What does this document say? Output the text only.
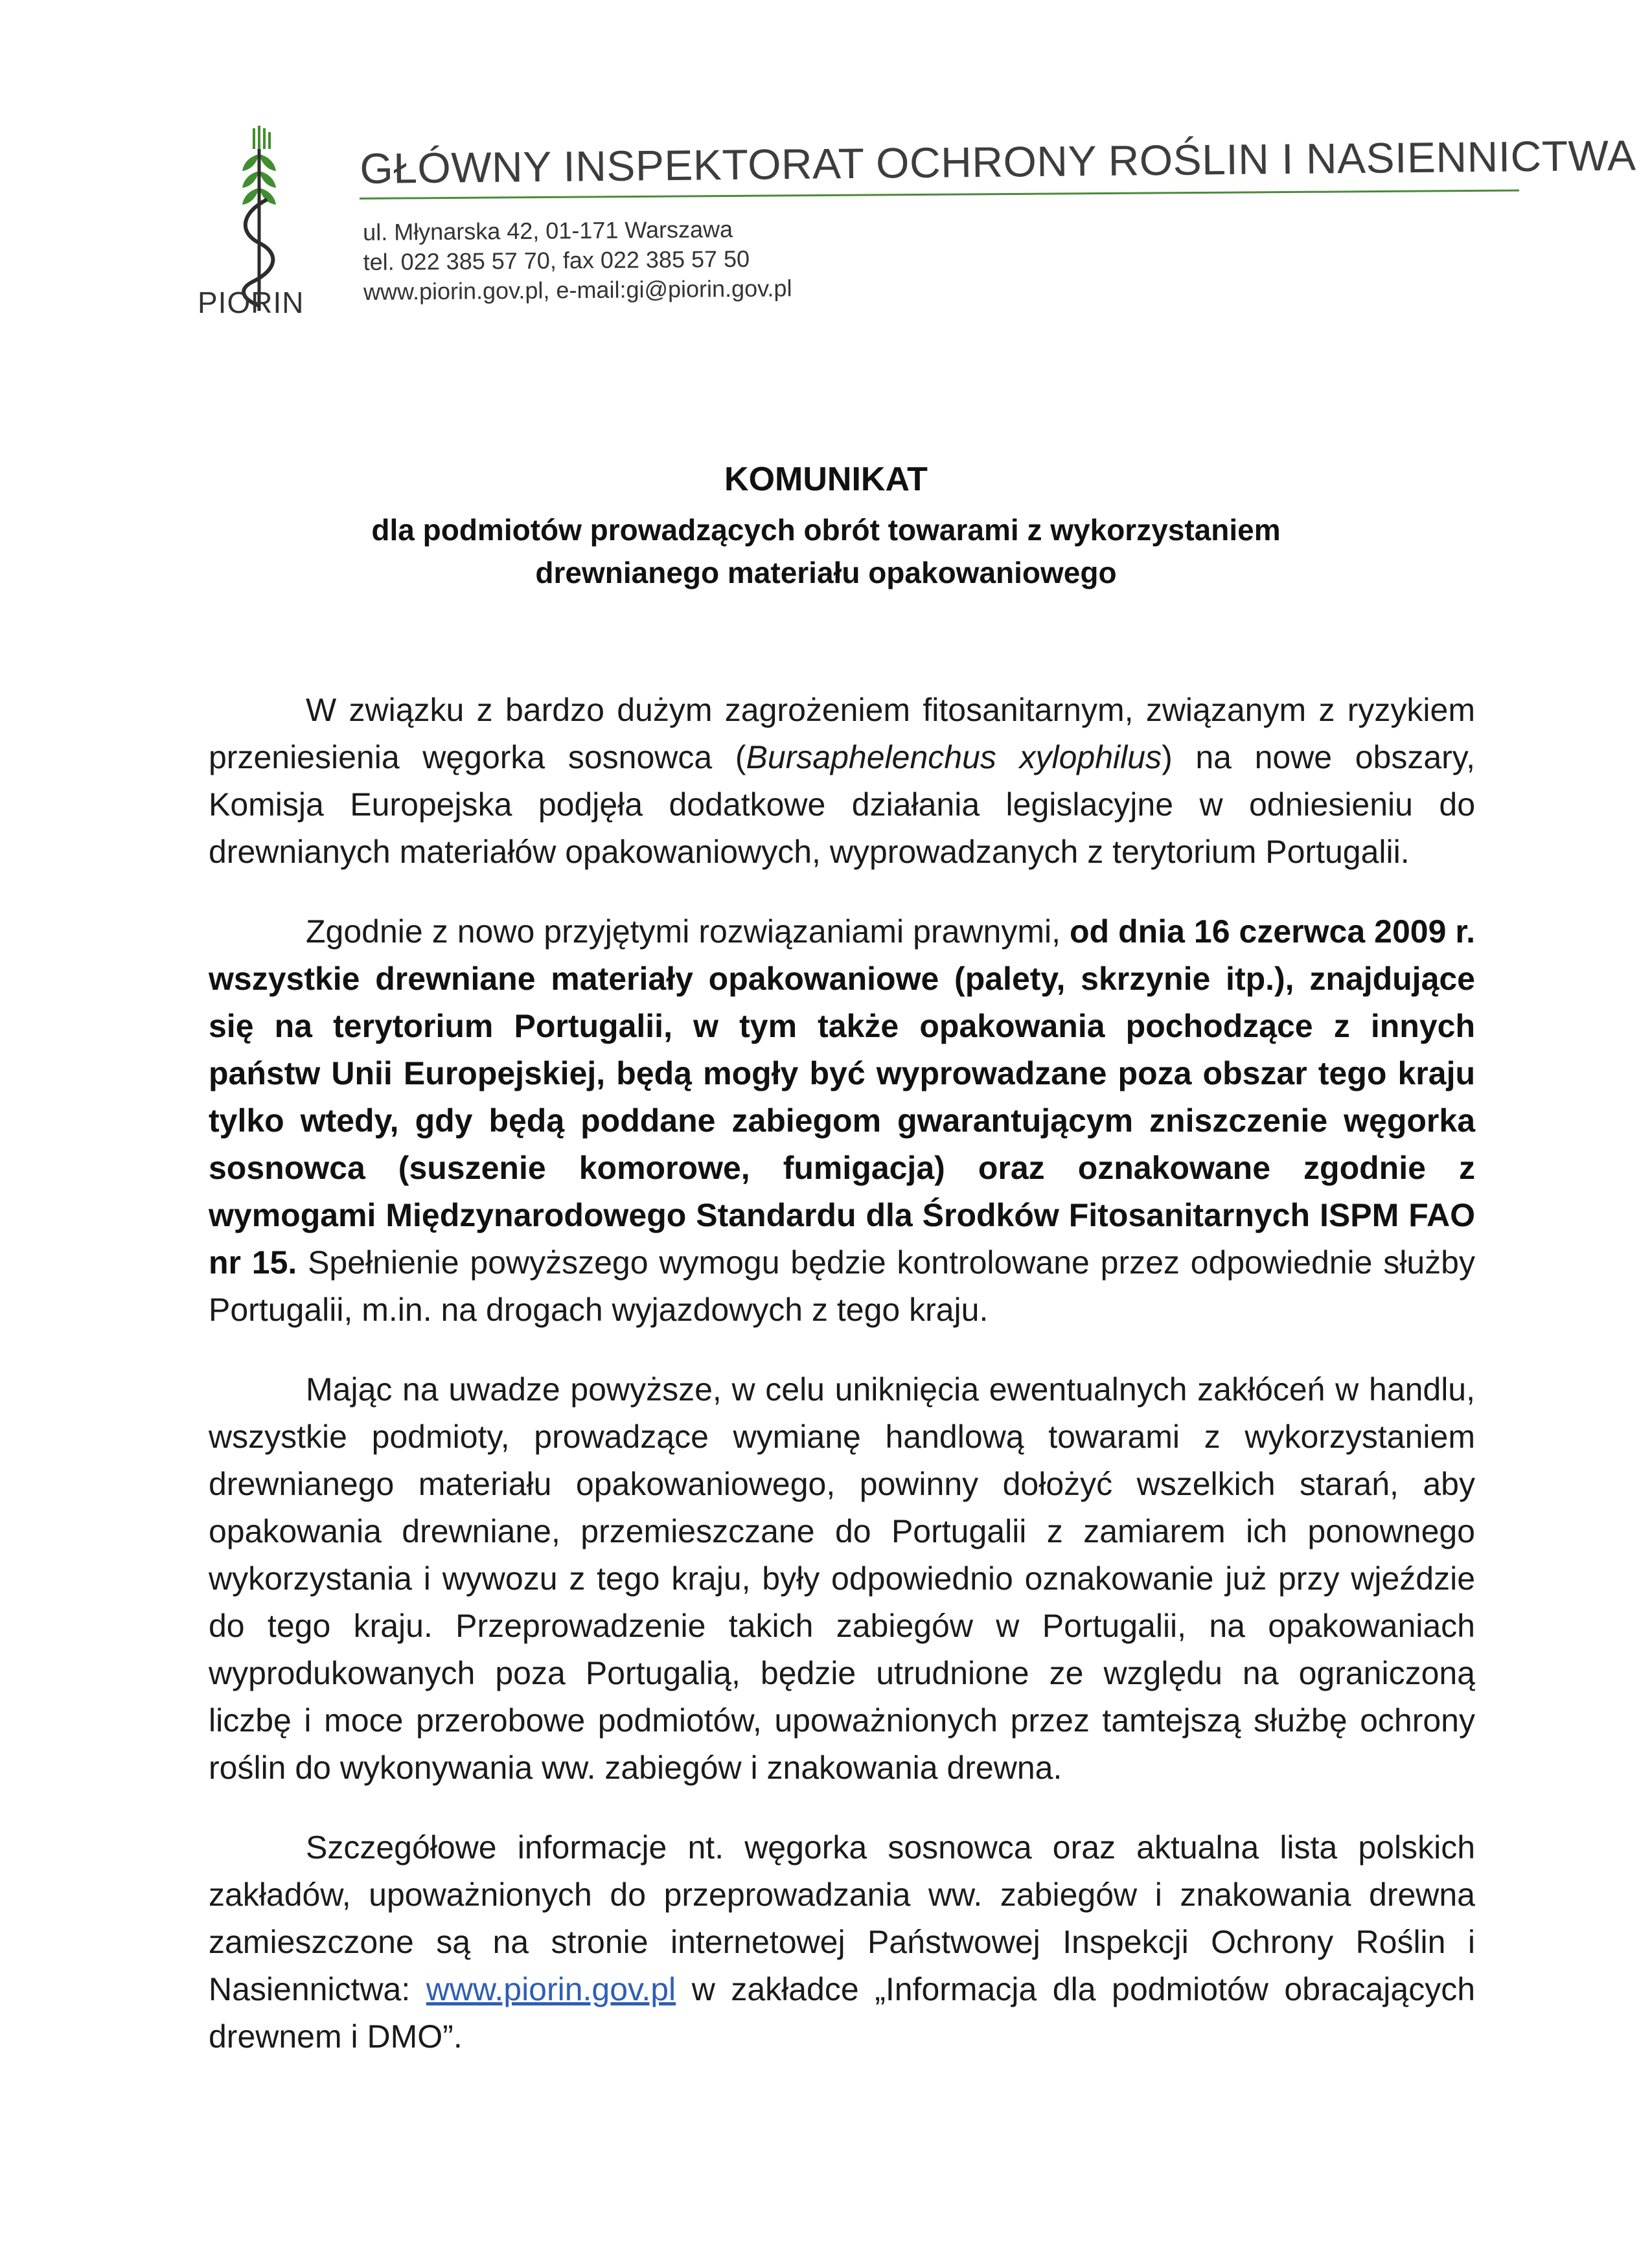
PIORIN
GŁÓWNY INSPEKTORAT OCHRONY ROŚLIN I NASIENNICTWA
ul. Młynarska 42, 01-171 Warszawa
tel. 022 385 57 70, fax 022 385 57 50
www.piorin.gov.pl, e-mail:gi@piorin.gov.pl
KOMUNIKAT
dla podmiotów prowadzących obrót towarami z wykorzystaniem
drewnianego materiału opakowaniowego

W związku z bardzo dużym zagrożeniem fitosanitarnym, związanym z ryzykiem przeniesienia węgorka sosnowca (Bursaphelenchus xylophilus) na nowe obszary, Komisja Europejska podjęła dodatkowe działania legislacyjne w odniesieniu do drewnianych materiałów opakowaniowych, wyprowadzanych z terytorium Portugalii.

Zgodnie z nowo przyjętymi rozwiązaniami prawnymi, od dnia 16 czerwca 2009 r. wszystkie drewniane materiały opakowaniowe (palety, skrzynie itp.), znajdujące się na terytorium Portugalii, w tym także opakowania pochodzące z innych państw Unii Europejskiej, będą mogły być wyprowadzane poza obszar tego kraju tylko wtedy, gdy będą poddane zabiegom gwarantującym zniszczenie węgorka sosnowca (suszenie komorowe, fumigacja) oraz oznakowane zgodnie z wymogami Międzynarodowego Standardu dla Środków Fitosanitarnych ISPM FAO nr 15. Spełnienie powyższego wymogu będzie kontrolowane przez odpowiednie służby Portugalii, m.in. na drogach wyjazdowych z tego kraju.

Mając na uwadze powyższe, w celu uniknięcia ewentualnych zakłóceń w handlu, wszystkie podmioty, prowadzące wymianę handlową towarami z wykorzystaniem drewnianego materiału opakowaniowego, powinny dołożyć wszelkich starań, aby opakowania drewniane, przemieszczane do Portugalii z zamiarem ich ponownego wykorzystania i wywozu z tego kraju, były odpowiednio oznakowanie już przy wjeździe do tego kraju. Przeprowadzenie takich zabiegów w Portugalii, na opakowaniach wyprodukowanych poza Portugalią, będzie utrudnione ze względu na ograniczoną liczbę i moce przerobowe podmiotów, upoważnionych przez tamtejszą służbę ochrony roślin do wykonywania ww. zabiegów i znakowania drewna.

Szczegółowe informacje nt. węgorka sosnowca oraz aktualna lista polskich zakładów, upoważnionych do przeprowadzania ww. zabiegów i znakowania drewna zamieszczone są na stronie internetowej Państwowej Inspekcji Ochrony Roślin i Nasiennictwa: www.piorin.gov.pl w zakładce „Informacja dla podmiotów obracających drewnem i DMO”.
